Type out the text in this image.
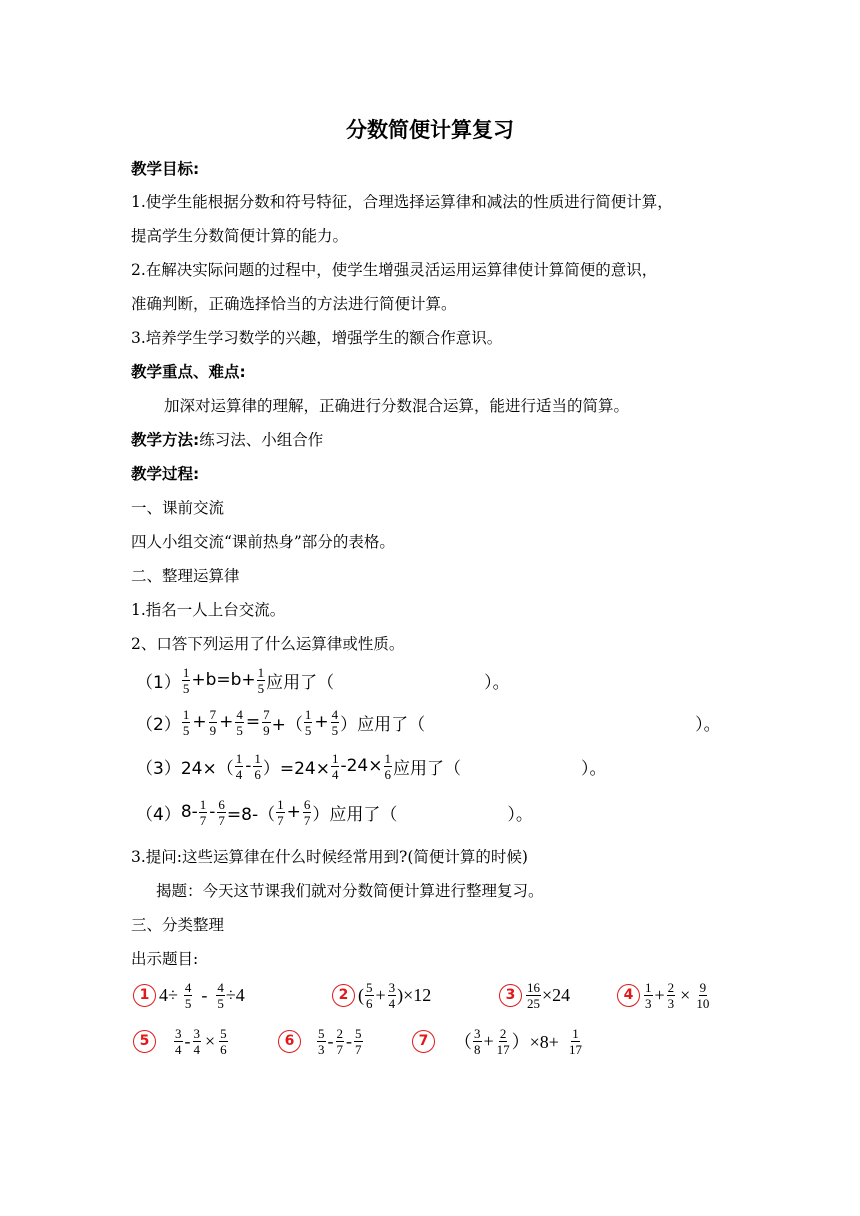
分数简便计算复习
教学目标:
1.使学生能根据分数和符号特征，合理选择运算律和减法的性质进行简便计算，
提高学生分数简便计算的能力。
2.在解决实际问题的过程中，使学生增强灵活运用运算律使计算简便的意识，
准确判断，正确选择恰当的方法进行简便计算。
3.培养学生学习数学的兴趣，增强学生的额合作意识。
教学重点、难点:
加深对运算律的理解，正确进行分数混合运算，能进行适当的简算。
教学方法:练习法、小组合作
教学过程:
一、课前交流
四人小组交流“课前热身”部分的表格。
二、整理运算律
1.指名一人上台交流。
2、口答下列运用了什么运算律或性质。
$(1) \frac{1}{5} +b=b+ \frac{1}{5}$ 应用了（	）。
$(2) \frac{1}{5} + \frac{7}{9} + \frac{4}{5} = \frac{7}{9}$ +（ $\frac{1}{5} + \frac{4}{5}$ ） 应用了（	）。
（3） $24\times( \frac{1}{4} - \frac{1}{6} )=24\times \frac{1}{4} -24\times \frac{1}{6}$ 应用了（	）。
（4） $8- \frac{1}{7} - \frac{6}{7} =8-( \frac{1}{7} + \frac{6}{7}$ ） 应用了（	）。
3.提问:这些运算律在什么时候经常用到?(简便计算的时候)
揭题：今天这节课我们就对分数简便计算进行整理复习。
三、分类整理
出示题目:
1 $4\div \frac{4}{5} - \frac{4}{5} \div 4$	2 ( $\frac{5}{6} + \frac{3}{4} )\times 12$	$3 \frac{16}{25} \times 24$	$4 \frac{1}{3} + \frac{2}{3} \times \frac{9}{10}$
5	$\frac{3}{4} - \frac{3}{4} \times \frac{5}{6}$	6	$\frac{5}{3} - \frac{2}{7} - \frac{5}{7}$	7	（ $\frac{3}{8} + \frac{2}{17} )\times 8+ \frac{1}{17}$
